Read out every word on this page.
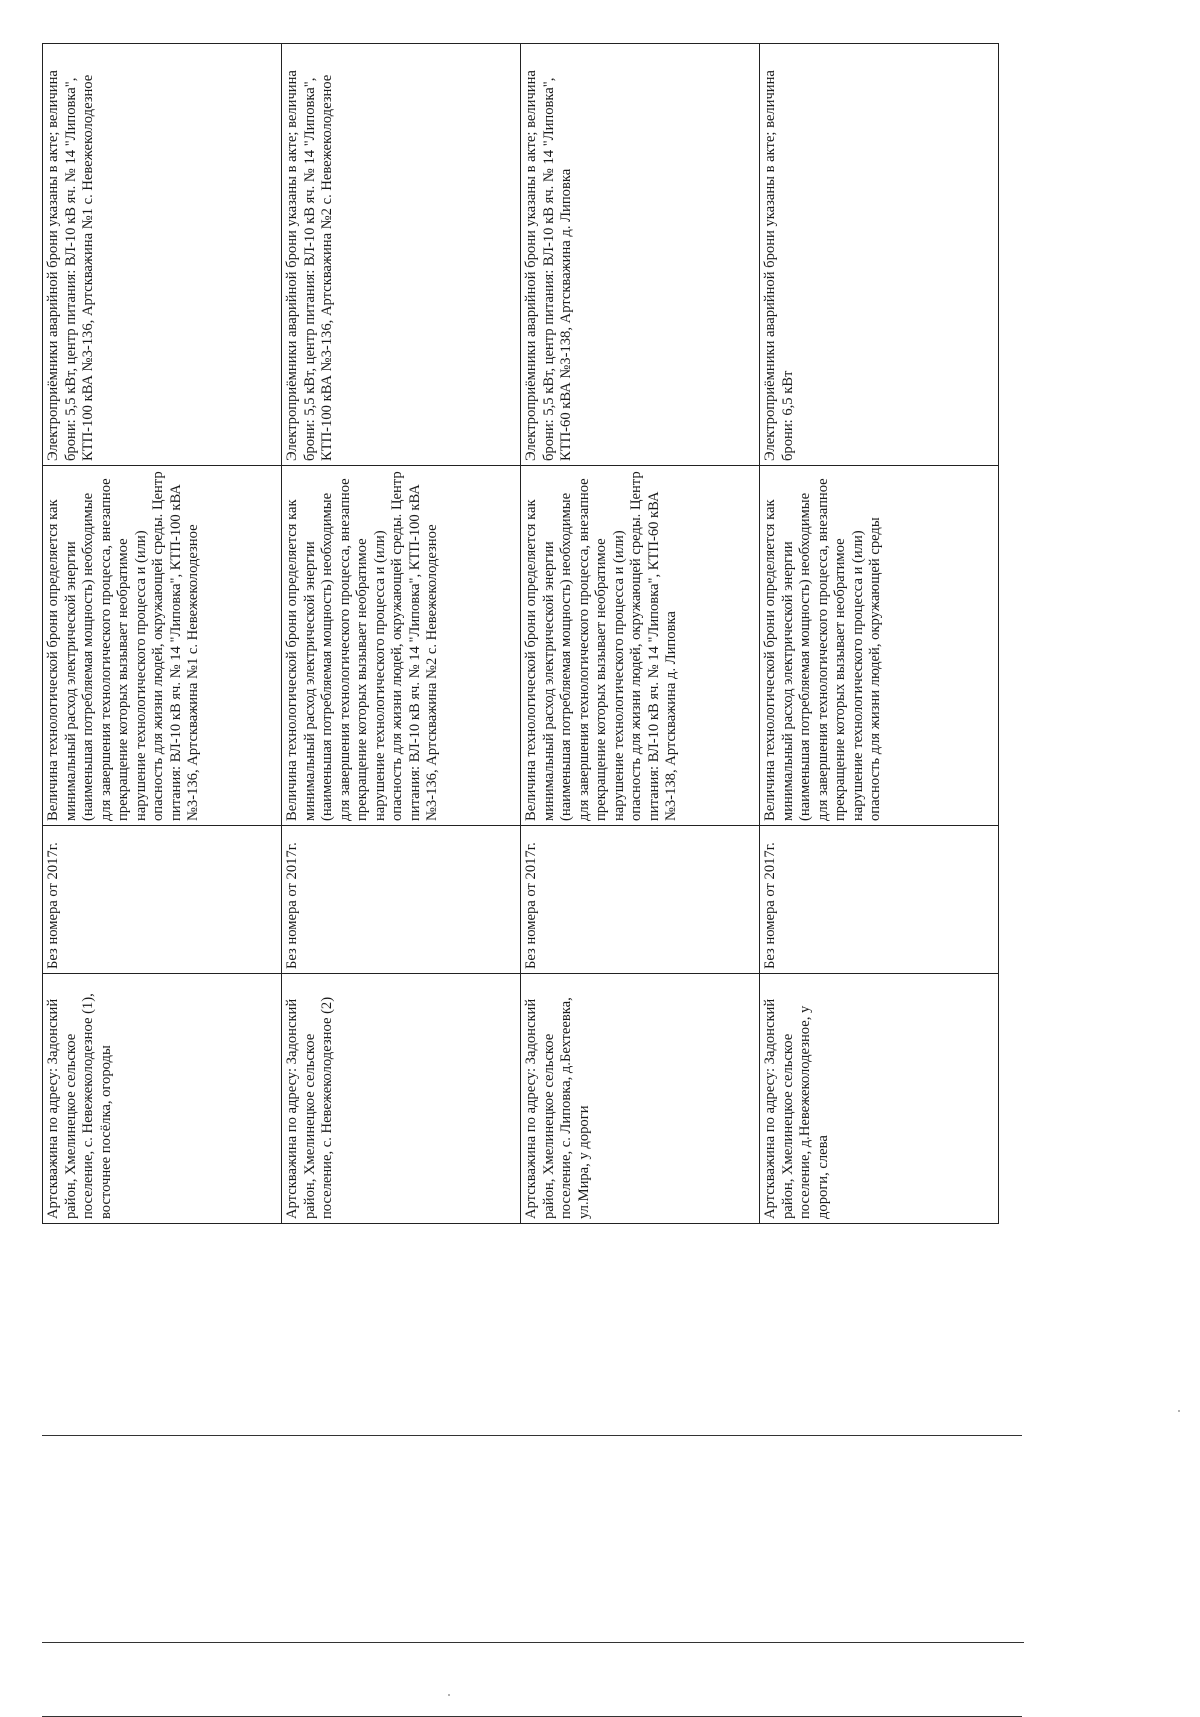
Артскважина по адресу: Задонский район, Хмелинецкое сельское поселение, с. Невежеколодезное (1), восточнее посёлка, огороды	Без номера от 2017г.	Величина технологической брони определяется как минимальный расход электрической энергии (наименьшая потребляемая мощность) необходимые для завершения технологического процесса, внезапное прекращение которых вызывает необратимое нарушение технологического процесса и (или) опасность для жизни людей, окружающей среды. Центр питания: ВЛ-10 кВ яч. № 14 "Липовка", КТП-100 кВА №3-136, Артскважина №1 с. Невежеколодезное	Электроприёмники аварийной брони указаны в акте; величина брони: 5,5 кВт, центр питания: ВЛ-10 кВ яч. № 14 "Липовка", КТП-100 кВА №3-136, Артскважина №1 с. Невежеколодезное
Артскважина по адресу: Задонский район, Хмелинецкое сельское поселение, с. Невежеколодезное (2)	Без номера от 2017г.	Величина технологической брони определяется как минимальный расход электрической энергии (наименьшая потребляемая мощность) необходимые для завершения технологического процесса, внезапное прекращение которых вызывает необратимое нарушение технологического процесса и (или) опасность для жизни людей, окружающей среды. Центр питания: ВЛ-10 кВ яч. № 14 "Липовка", КТП-100 кВА №3-136, Артскважина №2 с. Невежеколодезное	Электроприёмники аварийной брони указаны в акте; величина брони: 5,5 кВт, центр питания: ВЛ-10 кВ яч. № 14 "Липовка", КТП-100 кВА №3-136, Артскважина №2 с. Невежеколодезное
Артскважина по адресу: Задонский район, Хмелинецкое сельское поселение, с. Липовка, д.Бехтеевка, ул.Мира, у дороги	Без номера от 2017г.	Величина технологической брони определяется как минимальный расход электрической энергии (наименьшая потребляемая мощность) необходимые для завершения технологического процесса, внезапное прекращение которых вызывает необратимое нарушение технологического процесса и (или) опасность для жизни людей, окружающей среды. Центр питания: ВЛ-10 кВ яч. № 14 "Липовка", КТП-60 кВА №3-138, Артскважина д. Липовка	Электроприёмники аварийной брони указаны в акте; величина брони: 5,5 кВт, центр питания: ВЛ-10 кВ яч. № 14 "Липовка", КТП-60 кВА №3-138, Артскважина д. Липовка
Артскважина по адресу: Задонский район, Хмелинецкое сельское поселение, д.Невежеколодезное, у дороги, слева	Без номера от 2017г.	Величина технологической брони определяется как минимальный расход электрической энергии (наименьшая потребляемая мощность) необходимые для завершения технологического процесса, внезапное прекращение которых вызывает необратимое нарушение технологического процесса и (или) опасность для жизни людей, окружающей среды	Электроприёмники аварийной брони указаны в акте; величина брони: 6,5 кВт
